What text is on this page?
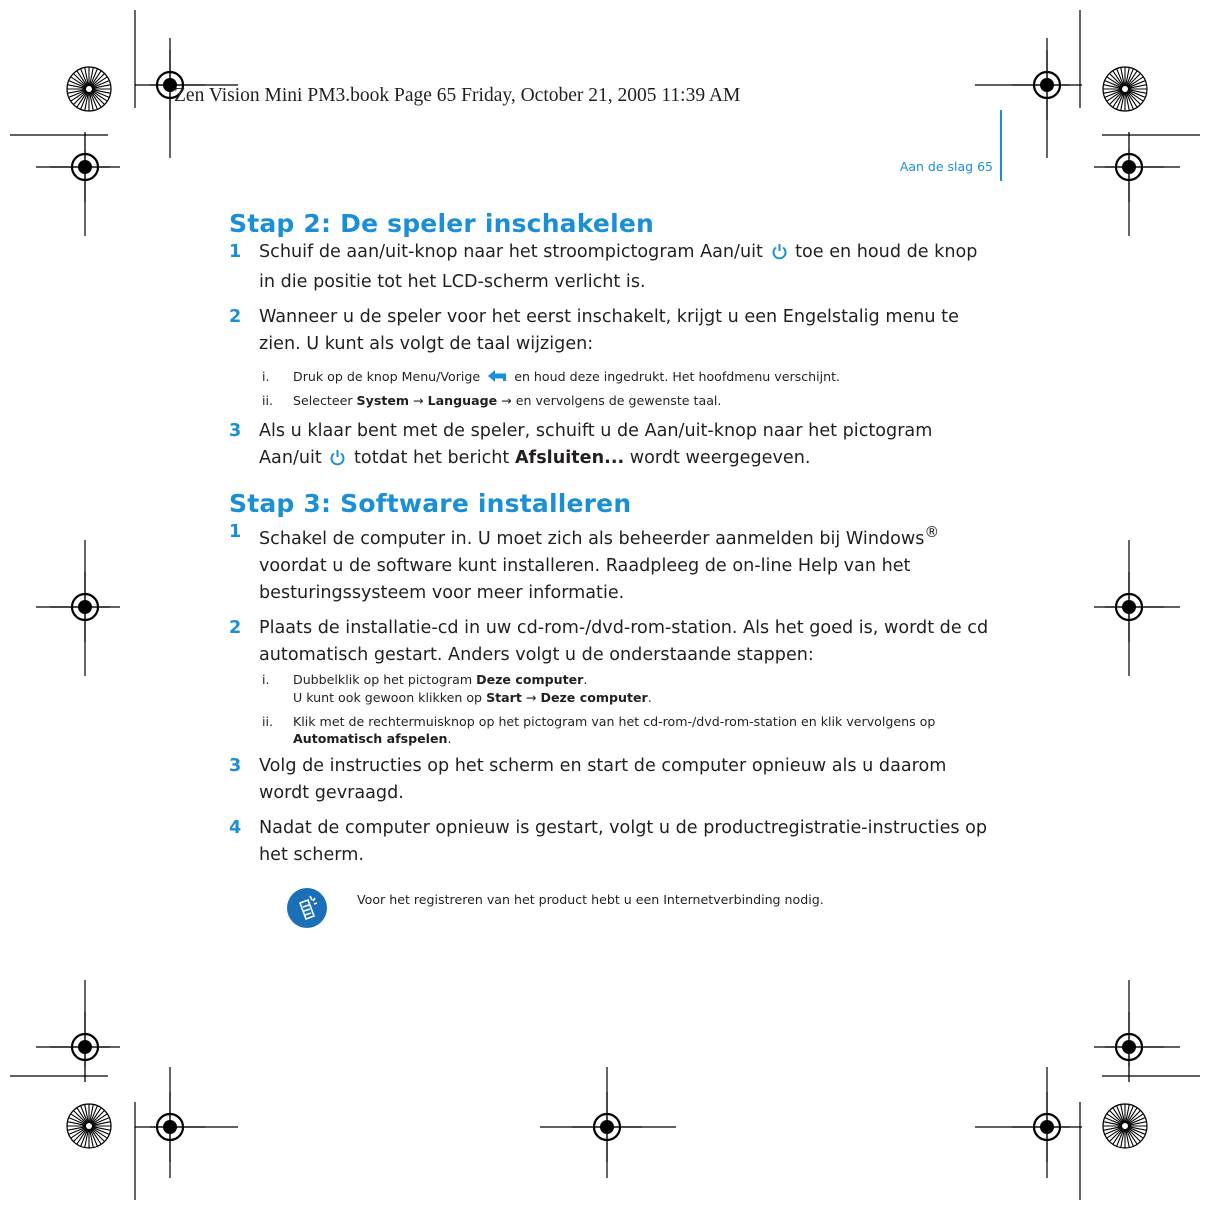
Zen Vision Mini PM3.book Page 65 Friday, October 21, 2005 11:39 AM
Aan de slag 65
Stap 2: De speler inschakelen
1 Schuif de aan/uit-knop naar het stroompictogram Aan/uit toe en houd de knop in die positie tot het LCD-scherm verlicht is.
2 Wanneer u de speler voor het eerst inschakelt, krijgt u een Engelstalig menu te zien. U kunt als volgt de taal wijzigen:
i. Druk op de knop Menu/Vorige	en houd deze ingedrukt. Het hoofdmenu verschijnt.
ii. Selecteer System → Language → en vervolgens de gewenste taal.
3 Als u klaar bent met de speler, schuift u de Aan/uit-knop naar het pictogram Aan/uit totdat het bericht Afsluiten... wordt weergegeven.
Stap 3: Software installeren
1 Schakel de computer in. U moet zich als beheerder aanmelden bij Windows® voordat u de software kunt installeren. Raadpleeg de on-line Help van het besturingssysteem voor meer informatie.
2 Plaats de installatie-cd in uw cd-rom-/dvd-rom-station. Als het goed is, wordt de cd automatisch gestart. Anders volgt u de onderstaande stappen:
i. Dubbelklik op het pictogram Deze computer.
U kunt ook gewoon klikken op Start → Deze computer.
ii. Klik met de rechtermuisknop op het pictogram van het cd-rom-/dvd-rom-station en klik vervolgens op Automatisch afspelen.
3 Volg de instructies op het scherm en start de computer opnieuw als u daarom wordt gevraagd.
4 Nadat de computer opnieuw is gestart, volgt u de productregistratie-instructies op het scherm.
Voor het registreren van het product hebt u een Internetverbinding nodig.
